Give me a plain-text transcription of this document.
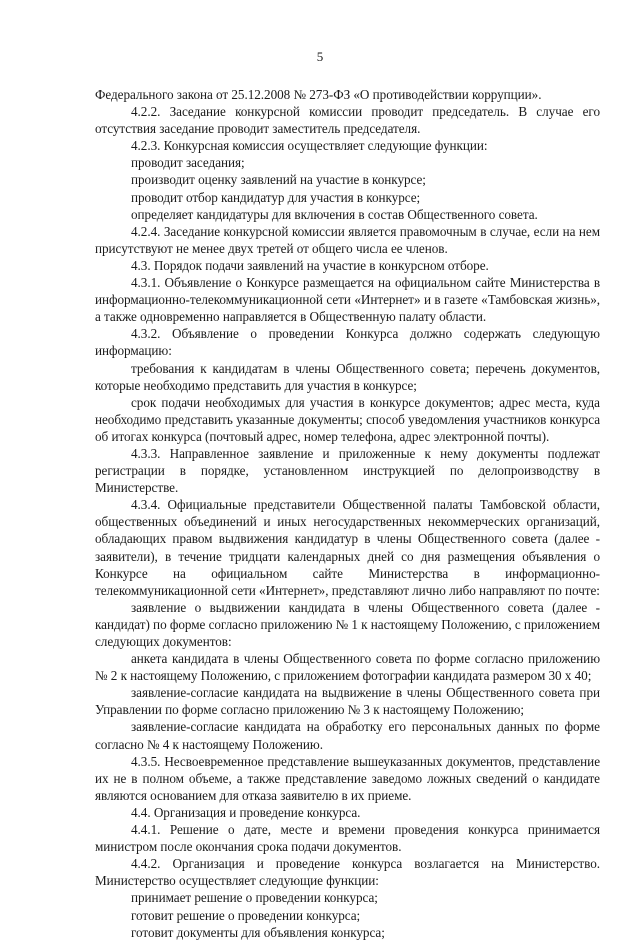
5

Федерального закона от 25.12.2008 № 273-ФЗ «О противодействии коррупции».

4.2.2. Заседание конкурсной комиссии проводит председатель. В случае его отсутствия заседание проводит заместитель председателя.

4.2.3. Конкурсная комиссия осуществляет следующие функции:

проводит заседания;

производит оценку заявлений на участие в конкурсе;

проводит отбор кандидатур для участия в конкурсе;

определяет кандидатуры для включения в состав Общественного совета.

4.2.4. Заседание конкурсной комиссии является правомочным в случае, если на нем присутствуют не менее двух третей от общего числа ее членов.

4.3. Порядок подачи заявлений на участие в конкурсном отборе.

4.3.1. Объявление о Конкурсе размещается на официальном сайте Министерства в информационно-телекоммуникационной сети «Интернет» и в газете «Тамбовская жизнь», а также одновременно направляется в Общественную палату области.

4.3.2. Объявление о проведении Конкурса должно содержать следующую информацию:

требования к кандидатам в члены Общественного совета; перечень документов, которые необходимо представить для участия в конкурсе;

срок подачи необходимых для участия в конкурсе документов; адрес места, куда необходимо представить указанные документы; способ уведомления участников конкурса об итогах конкурса (почтовый адрес, номер телефона, адрес электронной почты).

4.3.3. Направленное заявление и приложенные к нему документы подлежат регистрации в порядке, установленном инструкцией по делопроизводству в Министерстве.

4.3.4. Официальные представители Общественной палаты Тамбовской области, общественных объединений и иных негосударственных некоммерческих организаций, обладающих правом выдвижения кандидатур в члены Общественного совета (далее - заявители), в течение тридцати календарных дней со дня размещения объявления о Конкурсе на официальном сайте Министерства в информационно-телекоммуникационной сети «Интернет», представляют лично либо направляют по почте:

заявление о выдвижении кандидата в члены Общественного совета (далее - кандидат) по форме согласно приложению № 1 к настоящему Положению, с приложением следующих документов:

анкета кандидата в члены Общественного совета по форме согласно приложению № 2 к настоящему Положению, с приложением фотографии кандидата размером 30 х 40;

заявление-согласие кандидата на выдвижение в члены Общественного совета при Управлении по форме согласно приложению № 3 к настоящему Положению;

заявление-согласие кандидата на обработку его персональных данных по форме согласно № 4 к настоящему Положению.

4.3.5. Несвоевременное представление вышеуказанных документов, представление их не в полном объеме, а также представление заведомо ложных сведений о кандидате являются основанием для отказа заявителю в их приеме.

4.4. Организация и проведение конкурса.

4.4.1. Решение о дате, месте и времени проведения конкурса принимается министром после окончания срока подачи документов.

4.4.2. Организация и проведение конкурса возлагается на Министерство. Министерство осуществляет следующие функции:

принимает решение о проведении конкурса;

готовит решение о проведении конкурса;

готовит документы для объявления конкурса;
